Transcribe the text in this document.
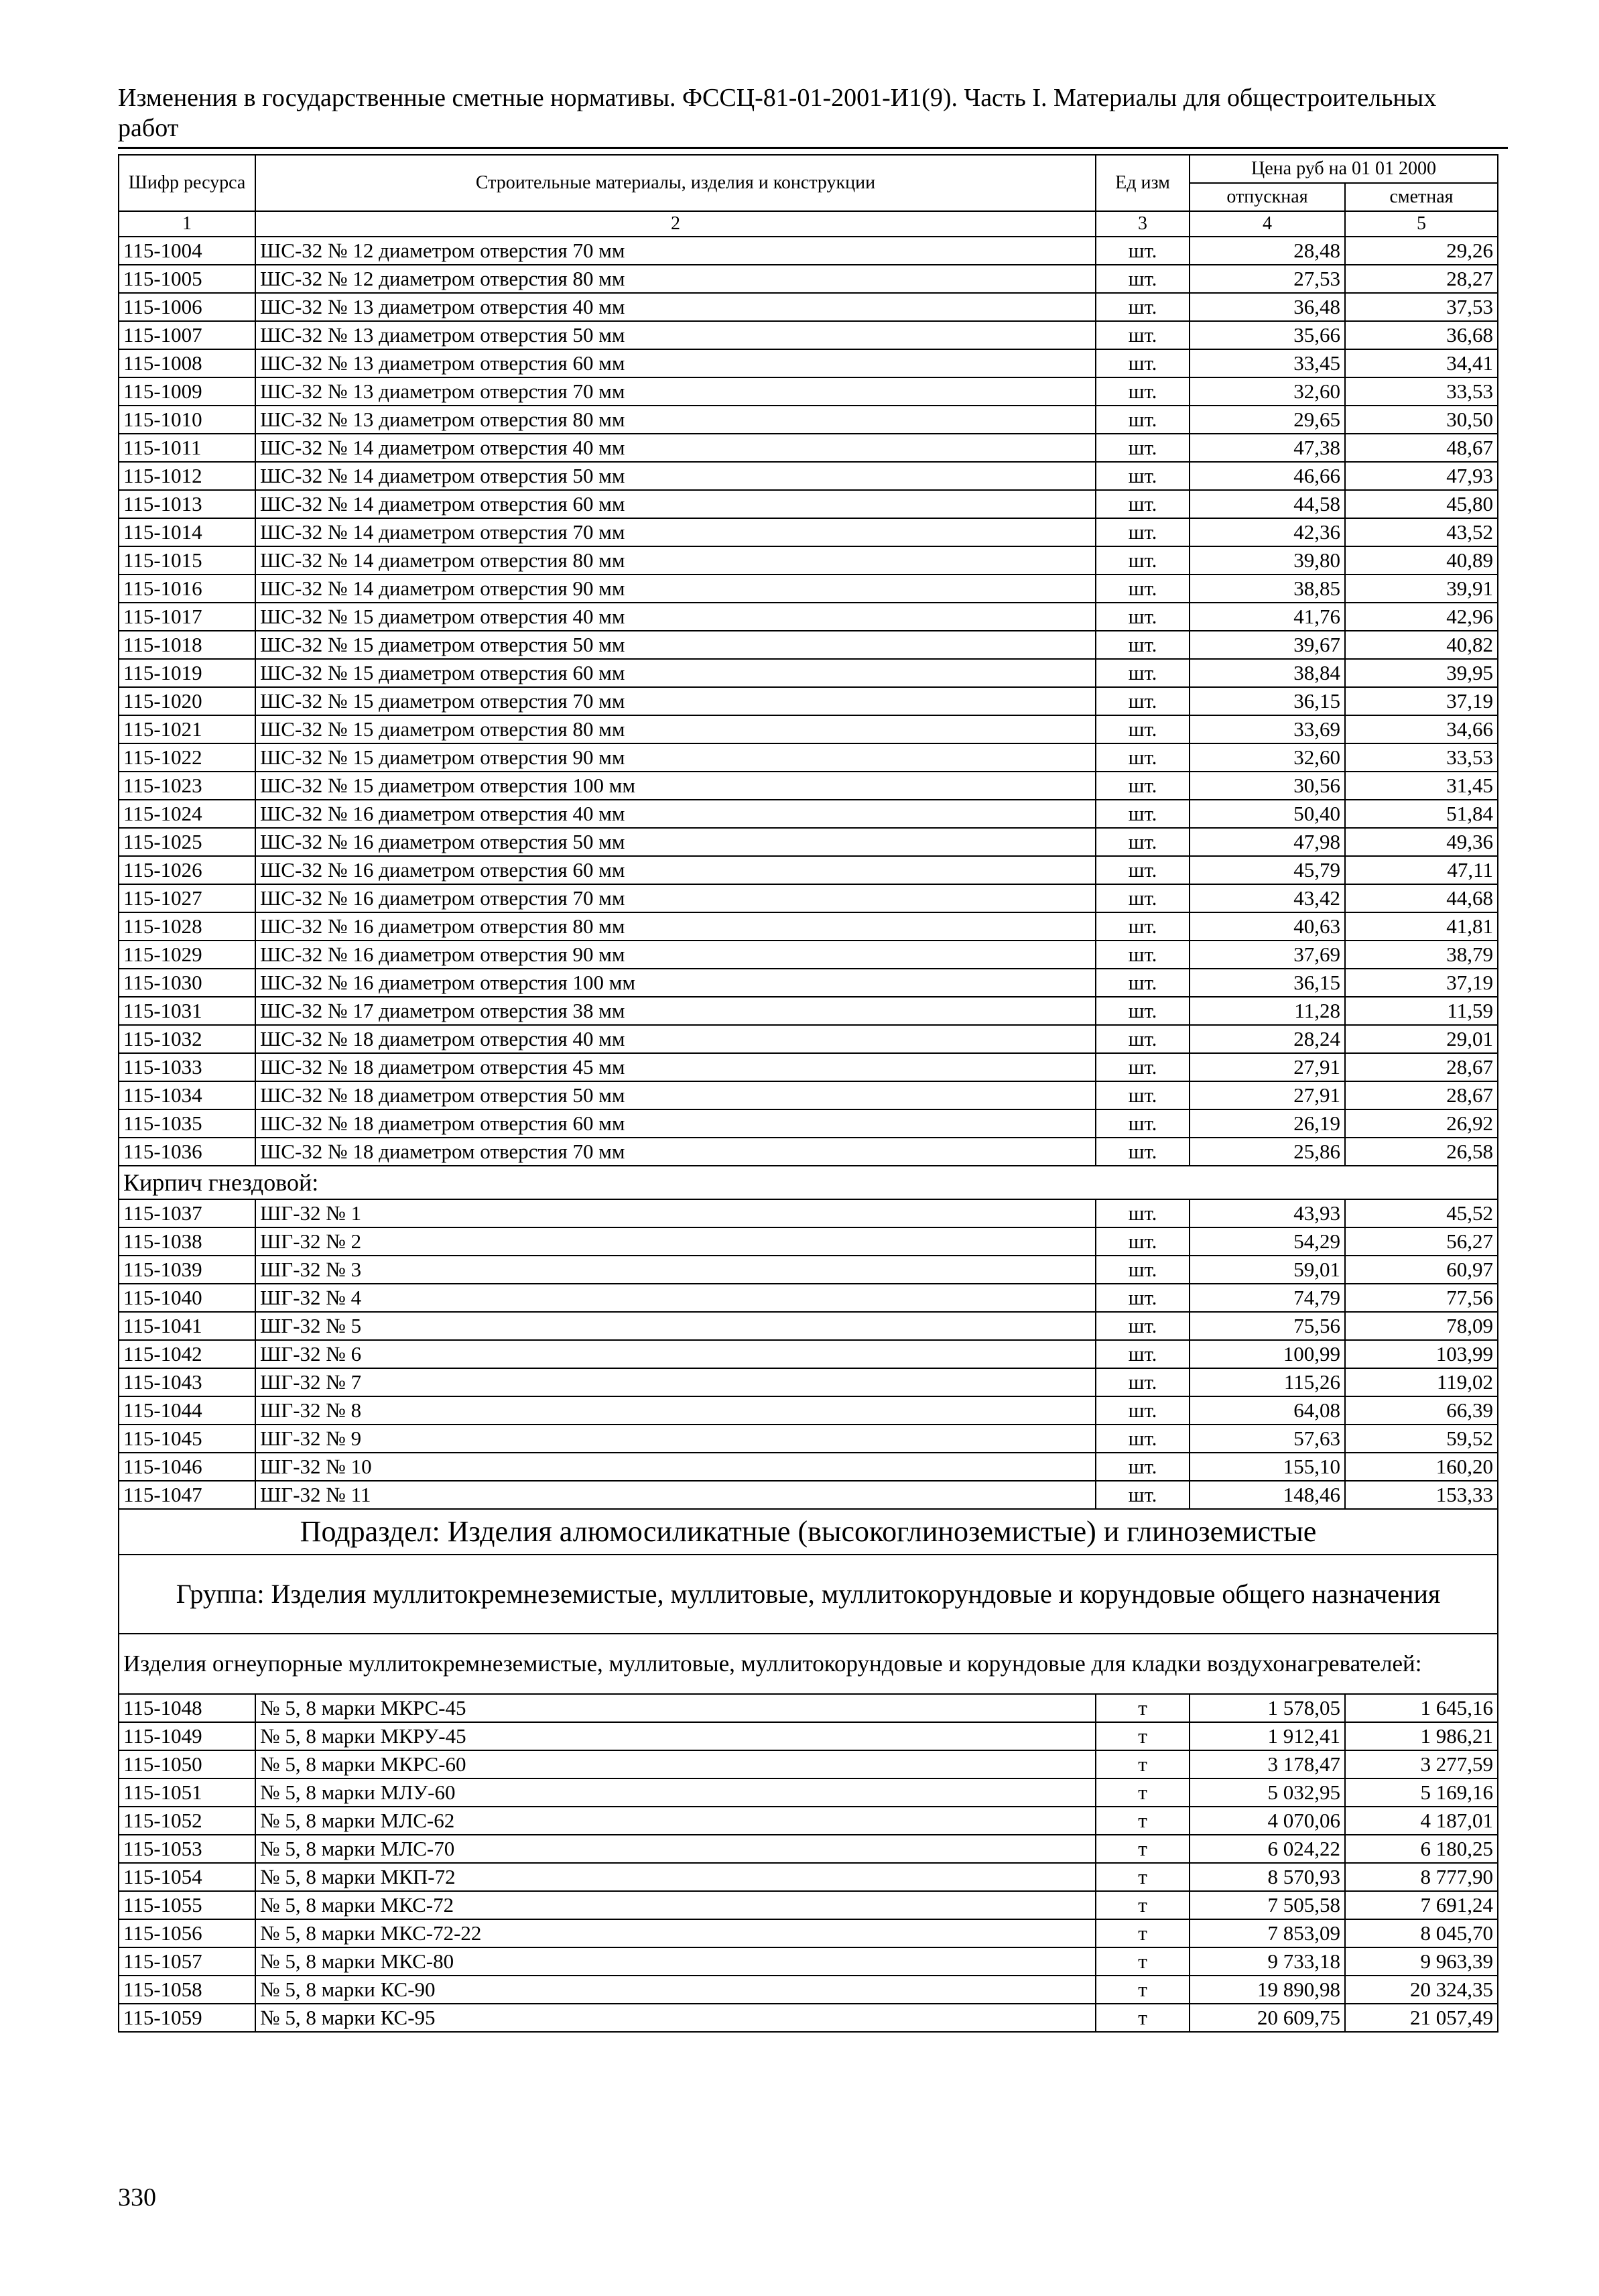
Изменения в государственные сметные нормативы. ФССЦ-81-01-2001-И1(9). Часть I. Материалы для общестроительных работ
Шифр ресурса	Строительные материалы, изделия и конструкции	Ед изм	Цена руб на 01 01 2000	
			отпускная	сметная
1	2	3	4	5
115-1004	ШС-32 № 12 диаметром отверстия 70 мм	шт.	28,48	29,26
115-1005	ШС-32 № 12 диаметром отверстия 80 мм	шт.	27,53	28,27
115-1006	ШС-32 № 13 диаметром отверстия 40 мм	шт.	36,48	37,53
115-1007	ШС-32 № 13 диаметром отверстия 50 мм	шт.	35,66	36,68
115-1008	ШС-32 № 13 диаметром отверстия 60 мм	шт.	33,45	34,41
115-1009	ШС-32 № 13 диаметром отверстия 70 мм	шт.	32,60	33,53
115-1010	ШС-32 № 13 диаметром отверстия 80 мм	шт.	29,65	30,50
115-1011	ШС-32 № 14 диаметром отверстия 40 мм	шт.	47,38	48,67
115-1012	ШС-32 № 14 диаметром отверстия 50 мм	шт.	46,66	47,93
115-1013	ШС-32 № 14 диаметром отверстия 60 мм	шт.	44,58	45,80
115-1014	ШС-32 № 14 диаметром отверстия 70 мм	шт.	42,36	43,52
115-1015	ШС-32 № 14 диаметром отверстия 80 мм	шт.	39,80	40,89
115-1016	ШС-32 № 14 диаметром отверстия 90 мм	шт.	38,85	39,91
115-1017	ШС-32 № 15 диаметром отверстия 40 мм	шт.	41,76	42,96
115-1018	ШС-32 № 15 диаметром отверстия 50 мм	шт.	39,67	40,82
115-1019	ШС-32 № 15 диаметром отверстия 60 мм	шт.	38,84	39,95
115-1020	ШС-32 № 15 диаметром отверстия 70 мм	шт.	36,15	37,19
115-1021	ШС-32 № 15 диаметром отверстия 80 мм	шт.	33,69	34,66
115-1022	ШС-32 № 15 диаметром отверстия 90 мм	шт.	32,60	33,53
115-1023	ШС-32 № 15 диаметром отверстия 100 мм	шт.	30,56	31,45
115-1024	ШС-32 № 16 диаметром отверстия 40 мм	шт.	50,40	51,84
115-1025	ШС-32 № 16 диаметром отверстия 50 мм	шт.	47,98	49,36
115-1026	ШС-32 № 16 диаметром отверстия 60 мм	шт.	45,79	47,11
115-1027	ШС-32 № 16 диаметром отверстия 70 мм	шт.	43,42	44,68
115-1028	ШС-32 № 16 диаметром отверстия 80 мм	шт.	40,63	41,81
115-1029	ШС-32 № 16 диаметром отверстия 90 мм	шт.	37,69	38,79
115-1030	ШС-32 № 16 диаметром отверстия 100 мм	шт.	36,15	37,19
115-1031	ШС-32 № 17 диаметром отверстия 38 мм	шт.	11,28	11,59
115-1032	ШС-32 № 18 диаметром отверстия 40 мм	шт.	28,24	29,01
115-1033	ШС-32 № 18 диаметром отверстия 45 мм	шт.	27,91	28,67
115-1034	ШС-32 № 18 диаметром отверстия 50 мм	шт.	27,91	28,67
115-1035	ШС-32 № 18 диаметром отверстия 60 мм	шт.	26,19	26,92
115-1036	ШС-32 № 18 диаметром отверстия 70 мм	шт.	25,86	26,58
Кирпич гнездовой:				
115-1037	ШГ-32 № 1	шт.	43,93	45,52
115-1038	ШГ-32 № 2	шт.	54,29	56,27
115-1039	ШГ-32 № 3	шт.	59,01	60,97
115-1040	ШГ-32 № 4	шт.	74,79	77,56
115-1041	ШГ-32 № 5	шт.	75,56	78,09
115-1042	ШГ-32 № 6	шт.	100,99	103,99
115-1043	ШГ-32 № 7	шт.	115,26	119,02
115-1044	ШГ-32 № 8	шт.	64,08	66,39
115-1045	ШГ-32 № 9	шт.	57,63	59,52
115-1046	ШГ-32 № 10	шт.	155,10	160,20
115-1047	ШГ-32 № 11	шт.	148,46	153,33
Подраздел: Изделия алюмосиликатные (высокоглиноземистые) и глиноземистые				
Группа: Изделия муллитокремнеземистые, муллитовые, муллитокорундовые и корундовые общего назначения				
Изделия огнеупорные муллитокремнеземистые, муллитовые, муллитокорундовые и корундовые для кладки воздухонагревателей:				
115-1048	№ 5, 8 марки МКРС-45	т	1 578,05	1 645,16
115-1049	№ 5, 8 марки МКРУ-45	т	1 912,41	1 986,21
115-1050	№ 5, 8 марки МКРС-60	т	3 178,47	3 277,59
115-1051	№ 5, 8 марки МЛУ-60	т	5 032,95	5 169,16
115-1052	№ 5, 8 марки МЛС-62	т	4 070,06	4 187,01
115-1053	№ 5, 8 марки МЛС-70	т	6 024,22	6 180,25
115-1054	№ 5, 8 марки МКП-72	т	8 570,93	8 777,90
115-1055	№ 5, 8 марки МКС-72	т	7 505,58	7 691,24
115-1056	№ 5, 8 марки МКС-72-22	т	7 853,09	8 045,70
115-1057	№ 5, 8 марки МКС-80	т	9 733,18	9 963,39
115-1058	№ 5, 8 марки КС-90	т	19 890,98	20 324,35
115-1059	№ 5, 8 марки КС-95	т	20 609,75	21 057,49
330
